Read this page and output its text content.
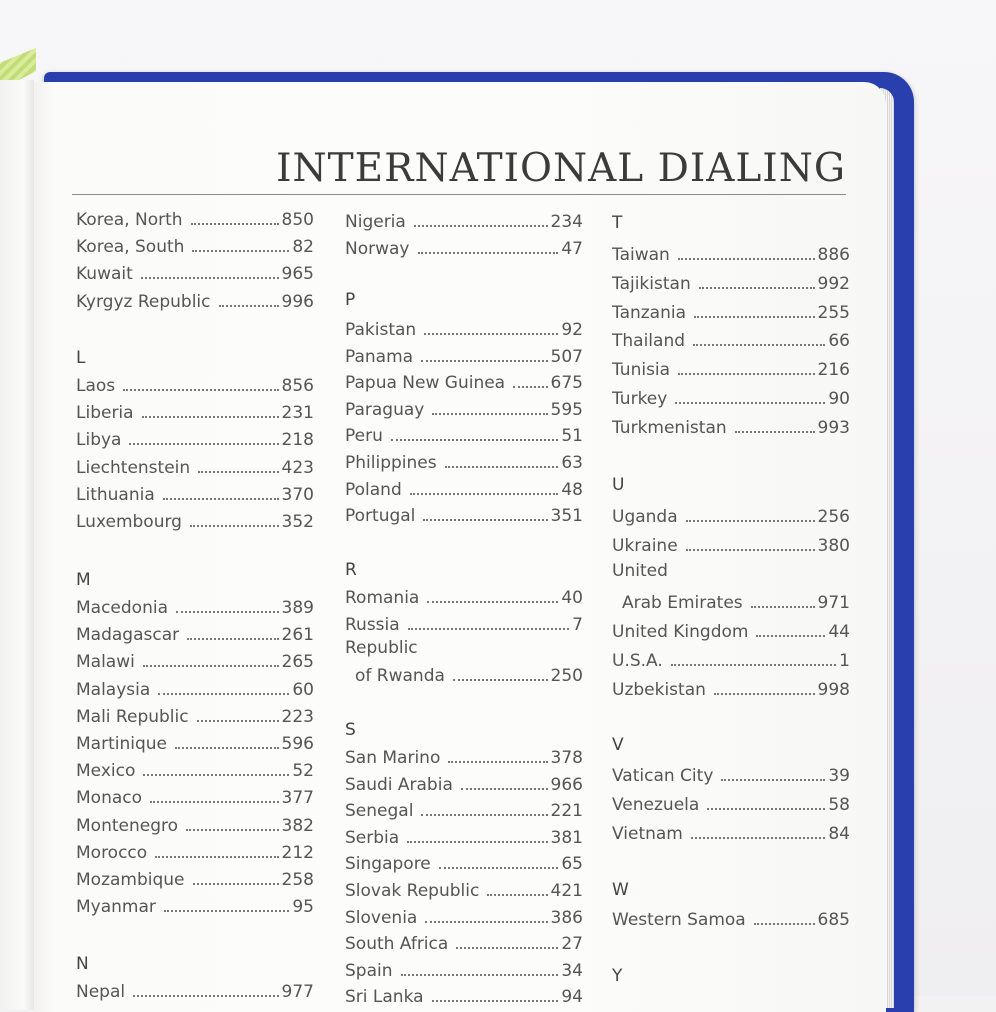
INTERNATIONAL DIALING
Korea, North	850
Korea, South	82
Kuwait	965
Kyrgyz Republic	996
L
Laos	856
Liberia	231
Libya	218
Liechtenstein	423
Lithuania	370
Luxembourg	352
M
Macedonia	389
Madagascar	261
Malawi	265
Malaysia	60
Mali Republic	223
Martinique	596
Mexico	52
Monaco	377
Montenegro	382
Morocco	212
Mozambique	258
Myanmar	95
N
Nepal	977
Nigeria	234
Norway	47
P
Pakistan	92
Panama	507
Papua New Guinea	675
Paraguay	595
Peru	51
Philippines	63
Poland	48
Portugal	351
R
Romania	40
Russia	7
Republic
of Rwanda	250
S
San Marino	378
Saudi Arabia	966
Senegal	221
Serbia	381
Singapore	65
Slovak Republic	421
Slovenia	386
South Africa	27
Spain	34
Sri Lanka	94
T
Taiwan	886
Tajikistan	992
Tanzania	255
Thailand	66
Tunisia	216
Turkey	90
Turkmenistan	993
U
Uganda	256
Ukraine	380
United
Arab Emirates	971
United Kingdom	44
U.S.A.	1
Uzbekistan	998
V
Vatican City	39
Venezuela	58
Vietnam	84
W
Western Samoa	685
Y
